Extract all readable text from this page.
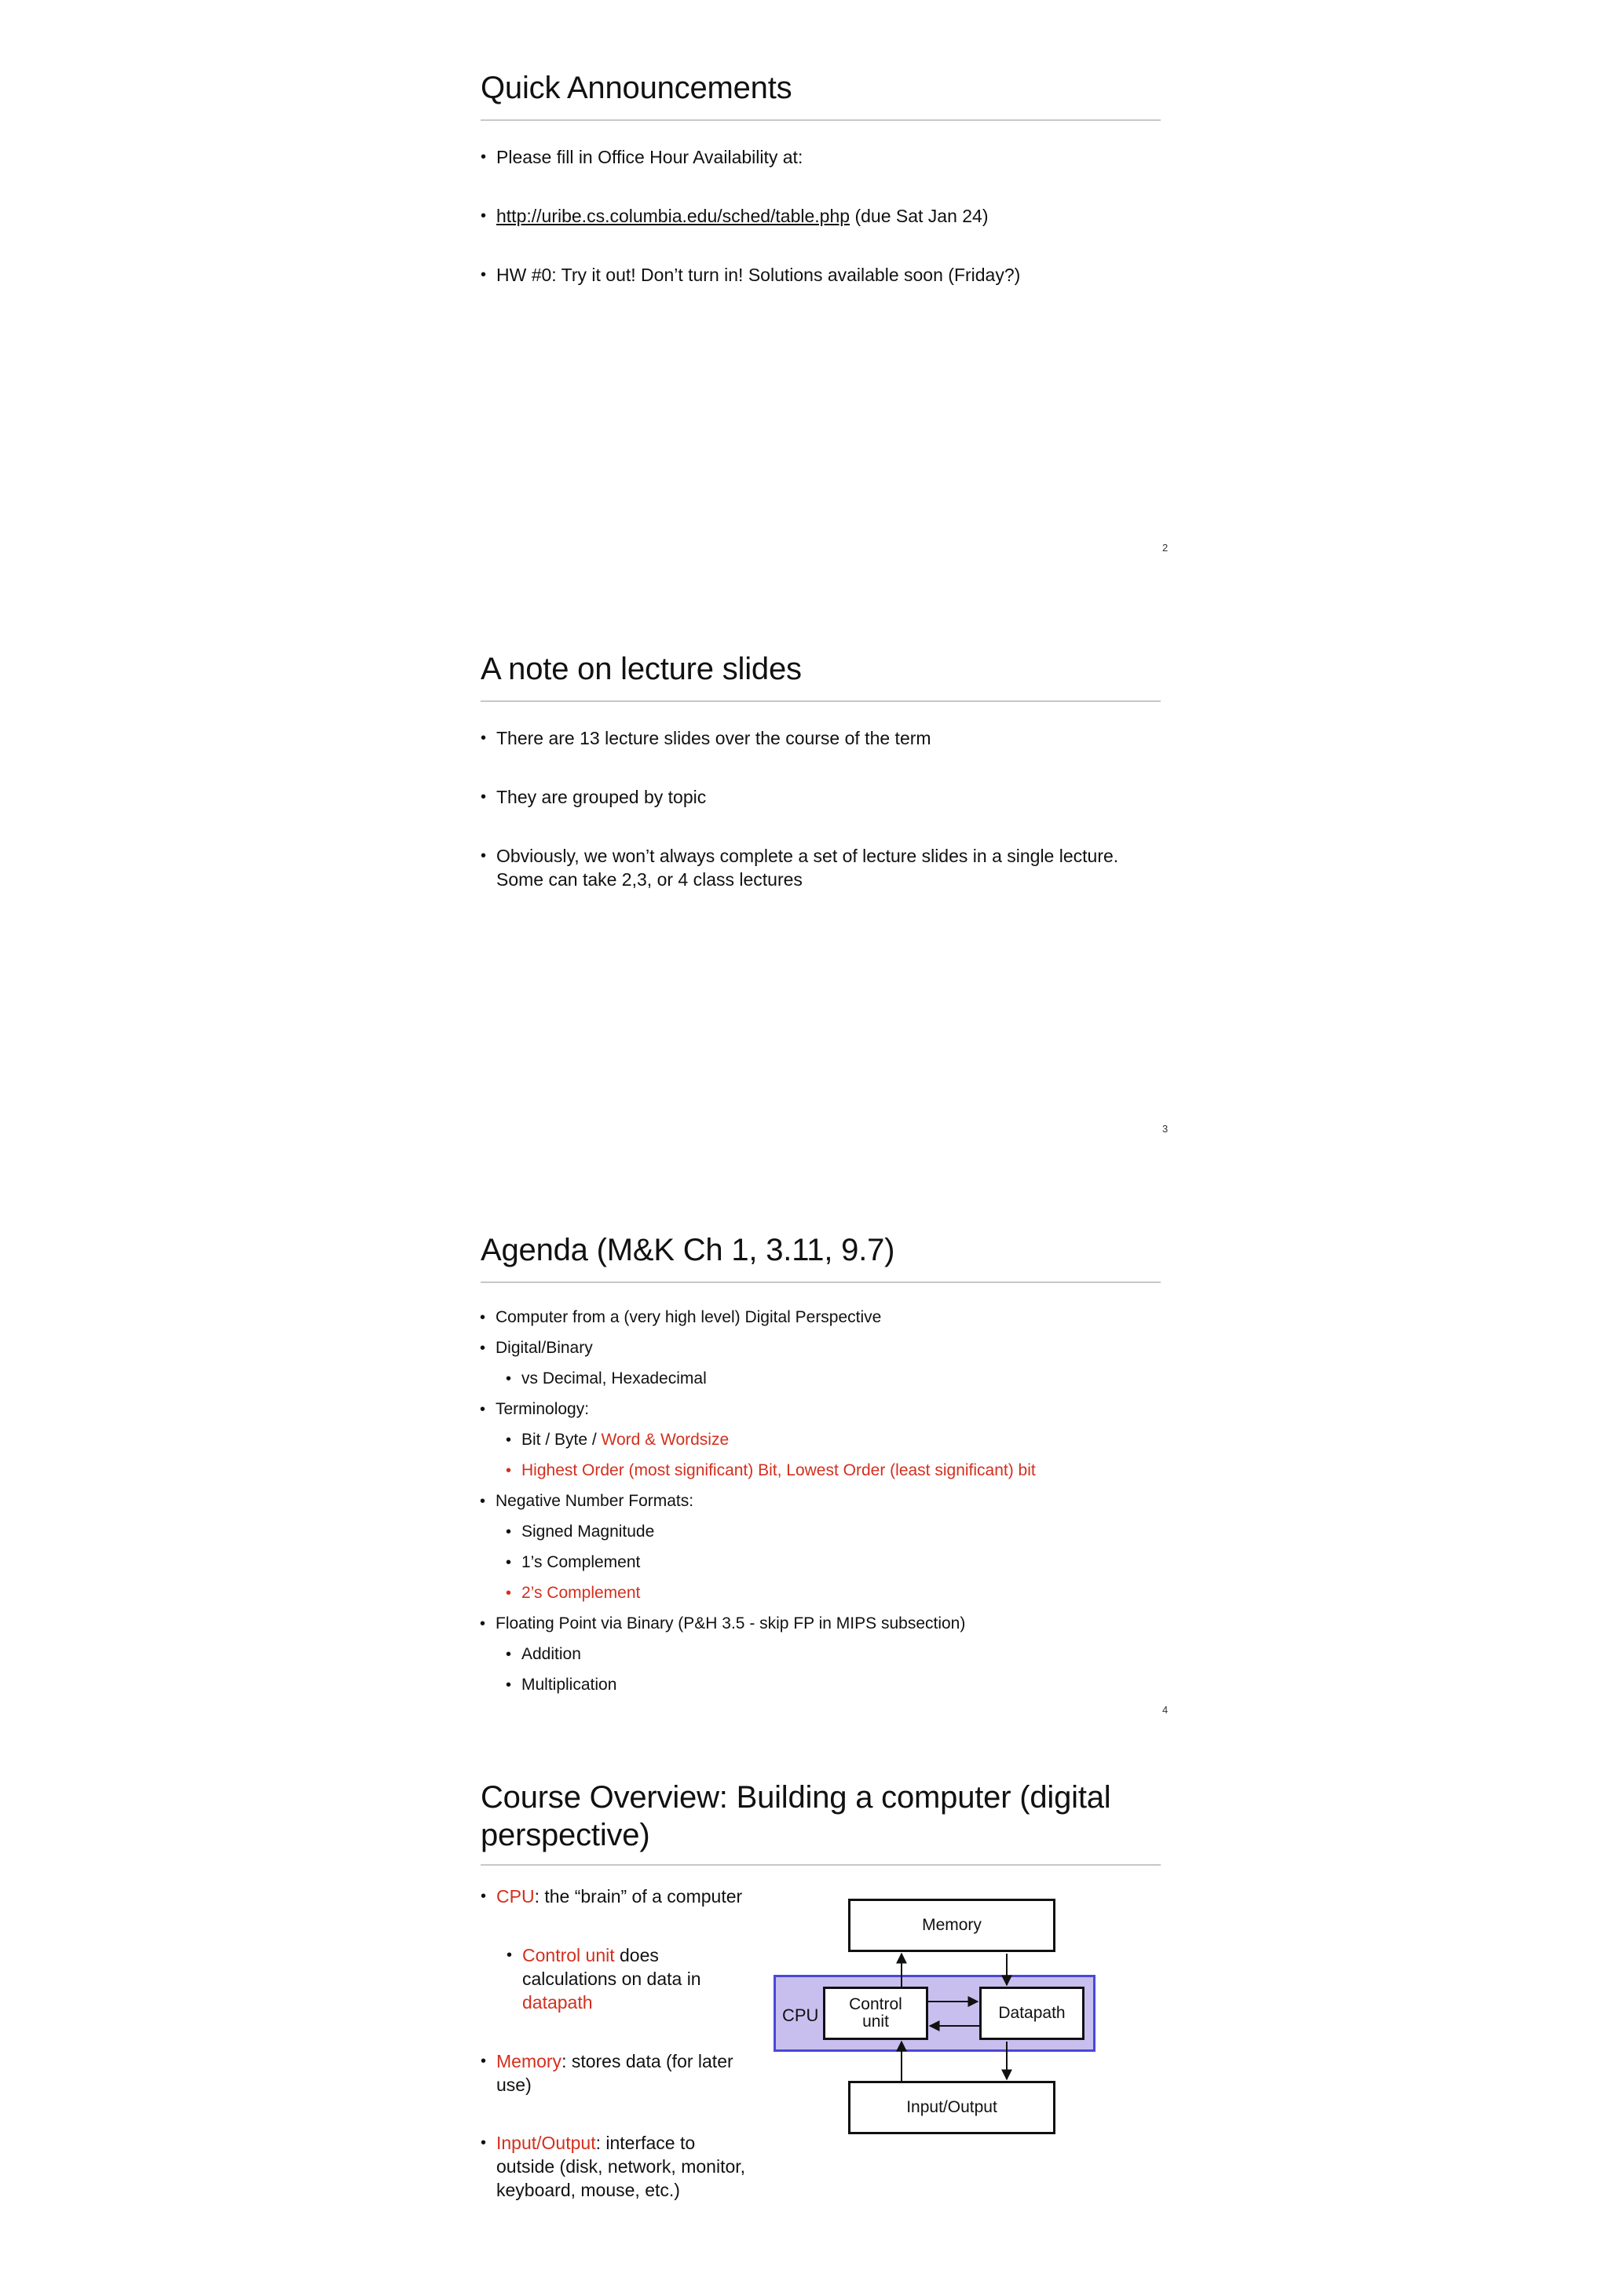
Quick Announcements
• Please fill in Office Hour Availability at:
• http://uribe.cs.columbia.edu/sched/table.php (due Sat Jan 24)
• HW #0: Try it out! Don’t turn in! Solutions available soon (Friday?)
2
A note on lecture slides
• There are 13 lecture slides over the course of the term
• They are grouped by topic
• Obviously, we won’t always complete a set of lecture slides in a single lecture.
Some can take 2,3, or 4 class lectures
3
Agenda (M&K Ch 1, 3.11, 9.7)
• Computer from a (very high level) Digital Perspective
• Digital/Binary
• vs Decimal, Hexadecimal
• Terminology:
• Bit / Byte / Word & Wordsize
• Highest Order (most significant) Bit, Lowest Order (least significant) bit
• Negative Number Formats:
• Signed Magnitude
• 1’s Complement
• 2’s Complement
• Floating Point via Binary (P&H 3.5 - skip FP in MIPS subsection)
• Addition
• Multiplication
4
Course Overview: Building a computer (digital
perspective)
• CPU: the “brain” of a computer
• Control unit does
calculations on data in
datapath
• Memory: stores data (for later
use)
• Input/Output: interface to
outside (disk, network, monitor,
keyboard, mouse, etc.)
Memory
CPU
Control
unit	Datapath
Input/Output
